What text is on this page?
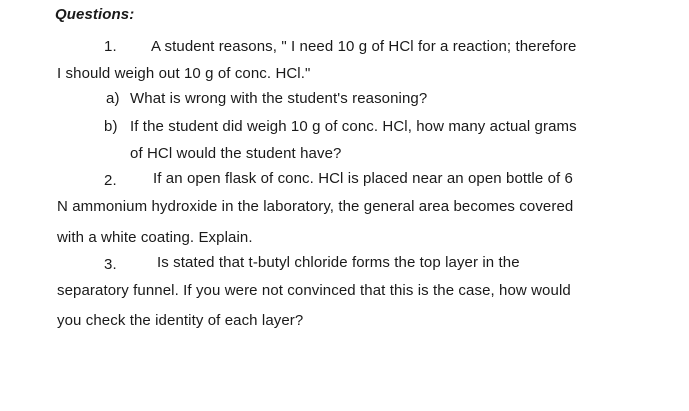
Questions:
1. A student reasons, " I need 10 g of HCl for a reaction; therefore
I should weigh out 10 g of conc. HCl."
a) What is wrong with the student's reasoning?
b) If the student did weigh 10 g of conc. HCl, how many actual grams
of HCl would the student have?
2. If an open flask of conc. HCl is placed near an open bottle of 6
N ammonium hydroxide in the laboratory, the general area becomes covered
with a white coating. Explain.
3.	Is stated that t-butyl chloride forms the top layer in the
separatory funnel. If you were not convinced that this is the case, how would
you check the identity of each layer?
